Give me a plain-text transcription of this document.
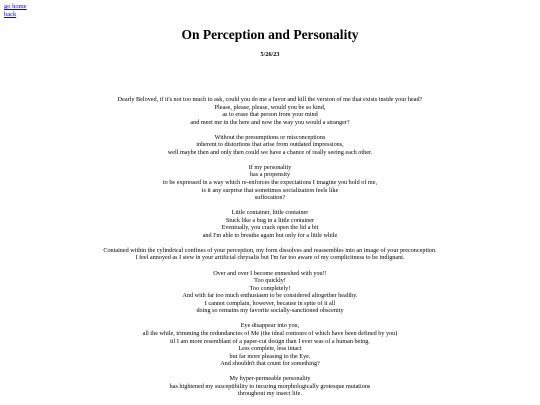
go home
back
On Perception and Personality
5/26/23

Dearly Beloved, if it's not too much to ask, could you do me a favor and kill the version of me that exists inside your head?
Please, please, please, would you be so kind,
as to erase that person from your mind
and meet me in the here and now the way you would a stranger?

Without the presumptions or misconceptions
inherent to distortions that arise from outdated impressions,
well maybe then and only then could we have a chance of really seeing each other.

If my personality
has a propensity
to be expressed in a way which re-enforces the expectations I imagine you hold of me,
is it any surprise that sometimes socialization feels like
suffocation?

Little container, little container
Stuck like a bug in a little container
Eventually, you crack open the lid a bit
and I'm able to breathe again but only for a little while

Contained within the cylindrical confines of your perception, my form dissolves and reassembles into an image of your preconception.
I feel annoyed as I stew in your artificial chrysalis but I'm far too aware of my complicitness to be indignant.

Over and over I become enmeshed with you!!
Too quickly!
Too completely!
And with far too much enthusiasm to be considered altogether healthy.
I cannot complain, however, because in spite of it all
doing so remains my favorite socially-sanctioned obscenity

Eye disappear into you,
all the while, trimming the redundancies of Me (the ideal contours of which have been defined by you)
til I am more resemblant of a paper-cut design than I ever was of a human being.
Less complete, less intact
but far more pleasing to the Eye.
And shouldn't that count for something?

My hyper-permeable personality
has hightened my susceptibility to incuring morphologically grotesque mutations
throughout my insect life.
